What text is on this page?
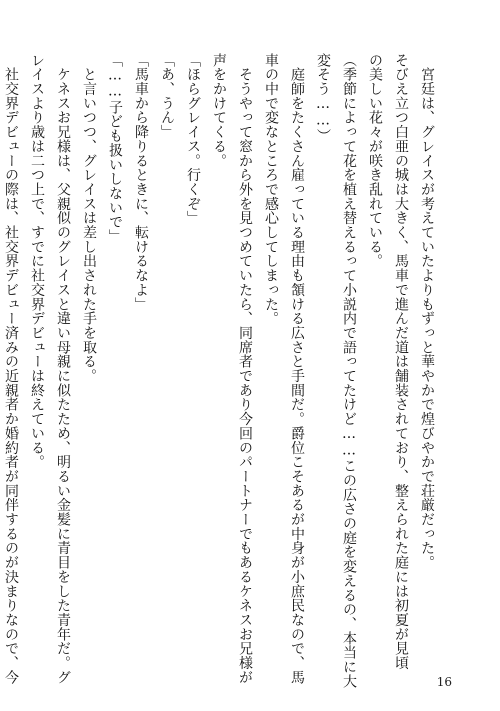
　宮廷は、グレイスが考えていたよりもずっと華やかで煌びやかで荘厳だった。
そびえ立つ白亜の城は大きく、馬車で進んだ道は舗装されており、整えられた庭には初夏が見頃
の美しい花々が咲き乱れている。
（季節によって花を植え替えるって小説内で語ってたけど……この広さの庭を変えるの、本当に大
変そう……）
　庭師をたくさん雇っている理由も頷ける広さと手間だ。爵位こそあるが中身が小庶民なので、馬
車の中で変なところで感心してしまった。
　そうやって窓から外を見つめていたら、同席者であり今回のパートナーでもあるケネスお兄様が
声をかけてくる。
「ほらグレイス。行くぞ」
「あ、うん」
「馬車から降りるときに、転けるなよ」
「……子ども扱いしないで」
　と言いつつ、グレイスは差し出された手を取る。
　ケネスお兄様は、父親似のグレイスと違い母親に似たため、明るい金髪に青目をした青年だ。グ
レイスより歳は二つ上で、すでに社交界デビューは終えている。
　社交界デビューの際は、社交界デビュー済みの近親者か婚約者が同伴するのが決まりなので、今	16
